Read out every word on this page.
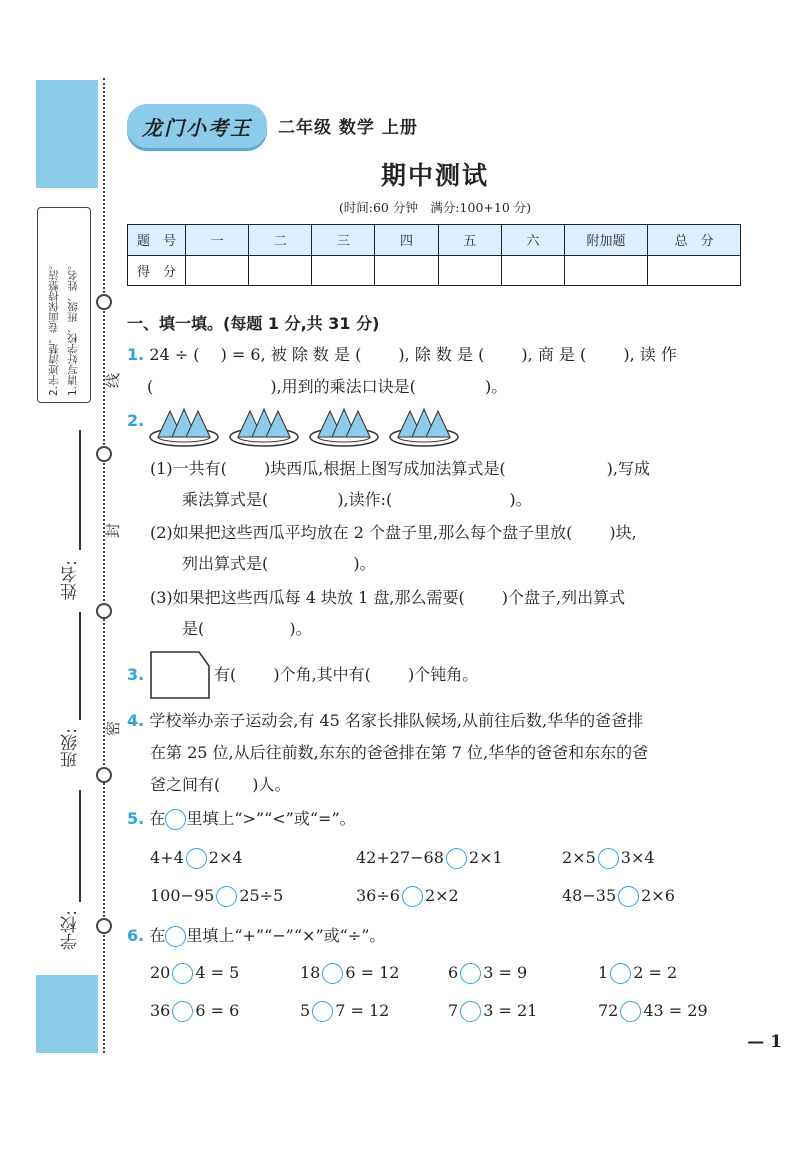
线
封
密
1.请写好学校、班级、姓名。
2.字迹清楚，卷面保持整洁。
姓名:
班级:
学校:
龙门小考王	二年级 数学 上册
期中测试
(时间:60 分钟　满分:100+10 分)
题　号	一	二	三	四	五	六	附加题	总　分
得　分								
一、填一填。(每题 1 分,共 31 分)
1. 24 ÷ (　 ) = 6, 被 除 数 是 (　　 ), 除 数 是 (　　 ), 商 是 (　　 ), 读 作
(　　　　　　　 ),用到的乘法口诀是(　　　　 )。
2.
(1)一共有(　　 )块西瓜,根据上图写成加法算式是(　　　　　　 ),写成
乘法算式是(　　　　 ),读作:(　　　　　　　 )。
(2)如果把这些西瓜平均放在 2 个盘子里,那么每个盘子里放(　　 )块,
列出算式是(　　　　　 )。
(3)如果把这些西瓜每 4 块放 1 盘,那么需要(　　 )个盘子,列出算式
是(　　　　　 )。
3.	有(　　 )个角,其中有(　　 )个钝角。
4. 学校举办亲子运动会,有 45 名家长排队候场,从前往后数,华华的爸爸排
在第 25 位,从后往前数,东东的爸爸排在第 7 位,华华的爸爸和东东的爸
爸之间有(　　)人。
5. 在 里填上“>”“<”或“=”。
4+4 2×4	42+27−68 2×1	2×5 3×4
100−95 25÷5	36÷6 2×2	48−35 2×6
6. 在 里填上“+”“−”“×”或“÷”。
20 4 = 5	18 6 = 12	6 3 = 9	1 2 = 2
36 6 = 6	5 7 = 12	7 3 = 21	72 43 = 29
— 1
